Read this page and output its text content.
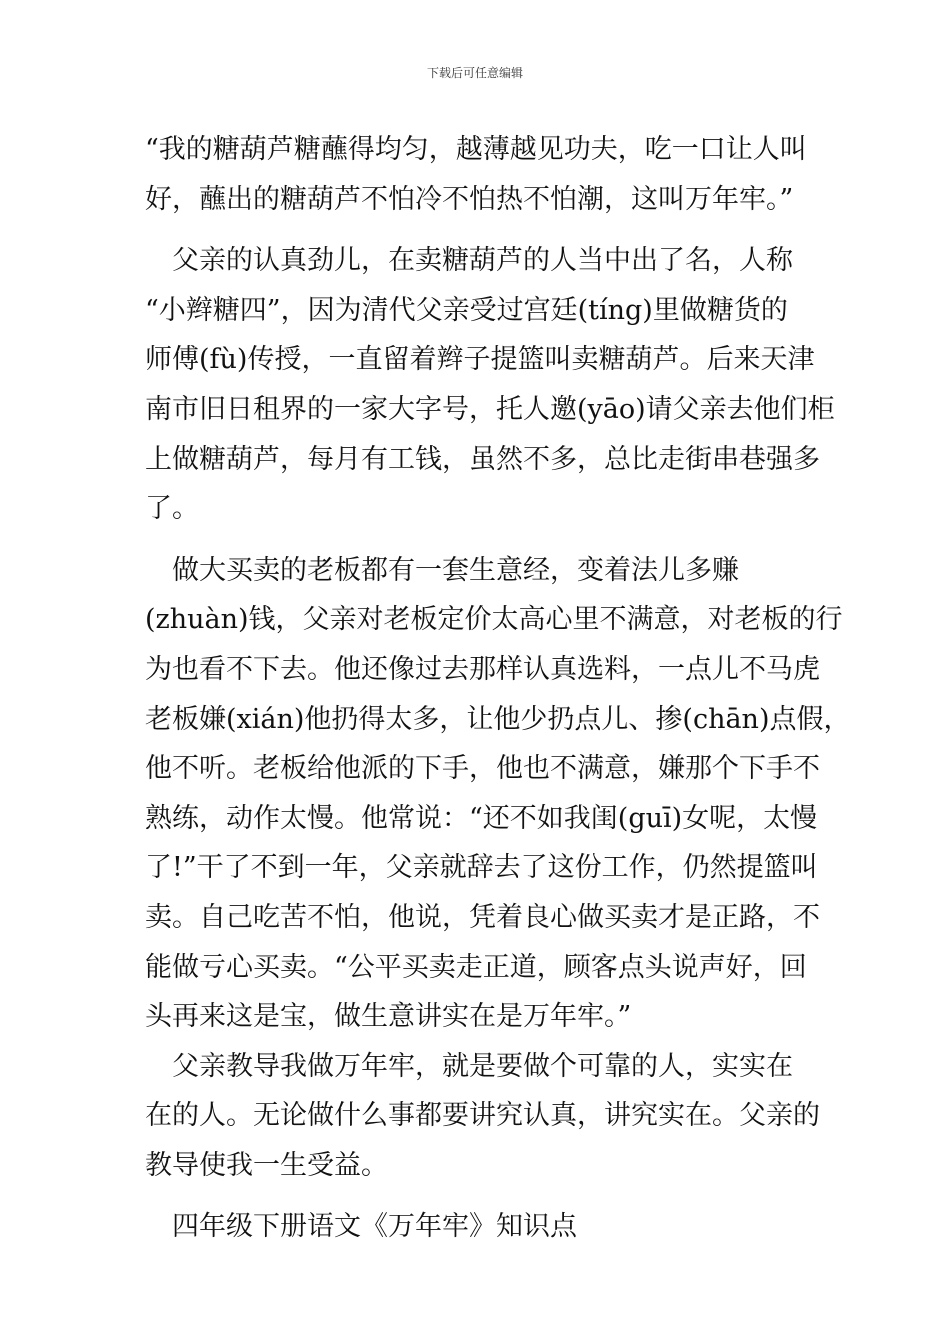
下载后可任意编辑
“我的糖葫芦糖蘸得均匀，越薄越见功夫，吃一口让人叫
好，蘸出的糖葫芦不怕冷不怕热不怕潮，这叫万年牢。”
　父亲的认真劲儿，在卖糖葫芦的人当中出了名，人称
“小辫糖四”，因为清代父亲受过宫廷(tíng)里做糖货的
师傅(fù)传授，一直留着辫子提篮叫卖糖葫芦。后来天津
南市旧日租界的一家大字号，托人邀(yāo)请父亲去他们柜
上做糖葫芦，每月有工钱，虽然不多，总比走街串巷强多
了。
　做大买卖的老板都有一套生意经，变着法儿多赚
(zhuàn)钱，父亲对老板定价太高心里不满意，对老板的行
为也看不下去。他还像过去那样认真选料，一点儿不马虎
老板嫌(xián)他扔得太多，让他少扔点儿、掺(chān)点假，
他不听。老板给他派的下手，他也不满意，嫌那个下手不
熟练，动作太慢。他常说：“还不如我闺(guī)女呢，太慢
了!”干了不到一年，父亲就辞去了这份工作，仍然提篮叫
卖。自己吃苦不怕，他说，凭着良心做买卖才是正路，不
能做亏心买卖。“公平买卖走正道，顾客点头说声好，回
头再来这是宝，做生意讲实在是万年牢。”
　父亲教导我做万年牢，就是要做个可靠的人，实实在
在的人。无论做什么事都要讲究认真，讲究实在。父亲的
教导使我一生受益。
　四年级下册语文《万年牢》知识点
